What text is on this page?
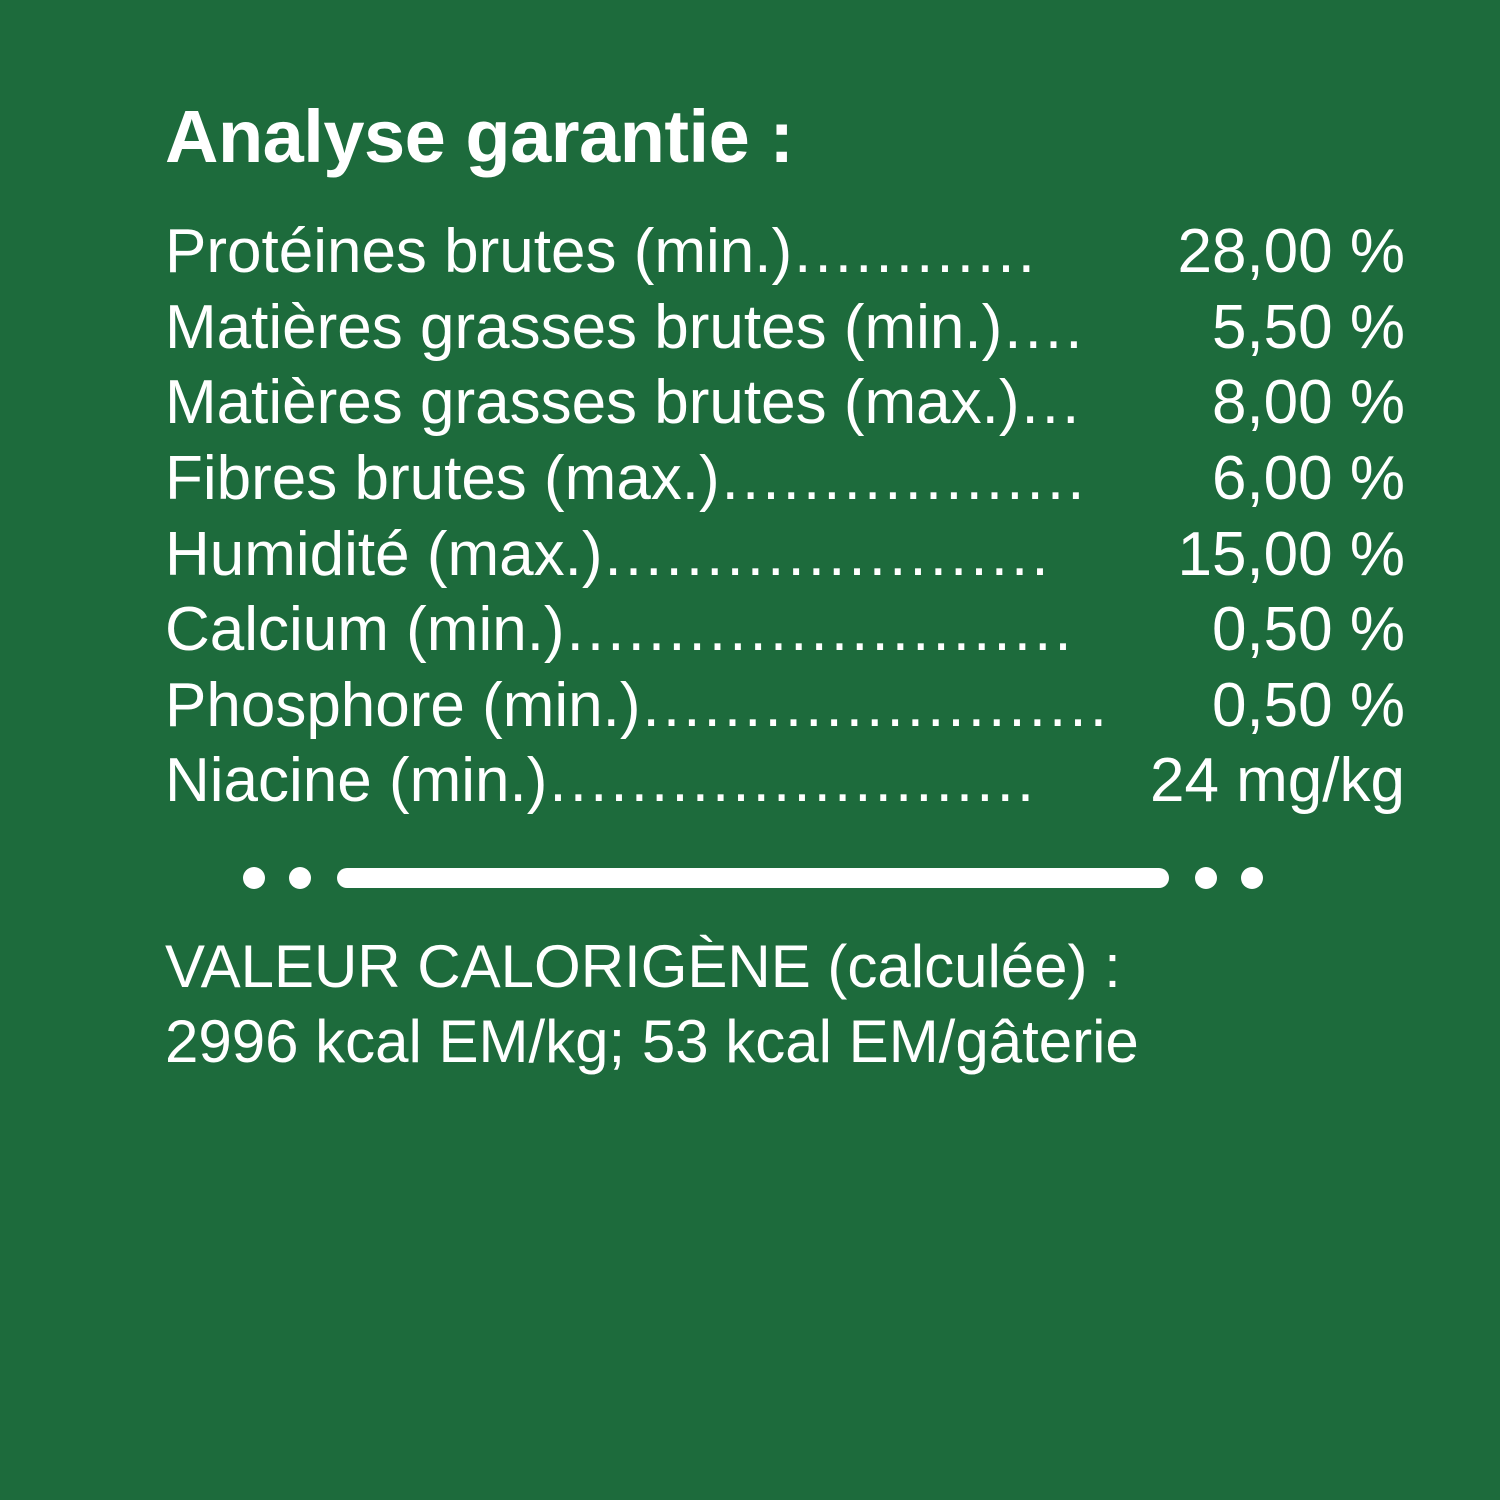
Analyse garantie :
Protéines brutes (min.) ............	28,00 %
Matières grasses brutes (min.) ....	5,50 %
Matières grasses brutes (max.) ...	8,00 %
Fibres brutes (max.) ..................	6,00 %
Humidité (max.) ......................	15,00 %
Calcium (min.) .........................	0,50 %
Phosphore (min.) .......................	0,50 %
Niacine (min.) ........................	24 mg/kg
VALEUR CALORIGÈNE (calculée) :
2996 kcal EM/kg; 53 kcal EM/gâterie
